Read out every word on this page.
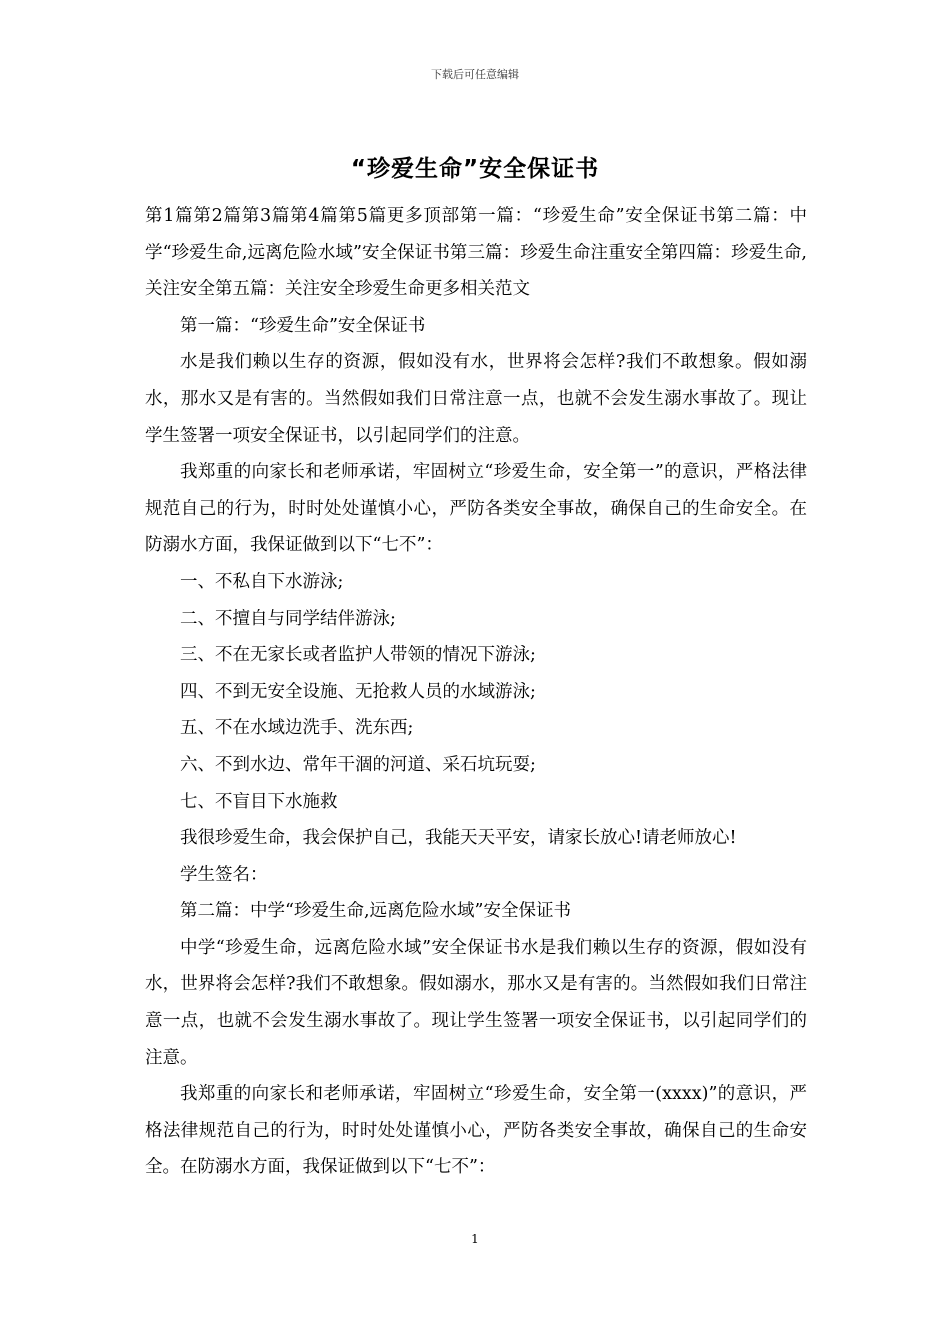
下载后可任意编辑
“珍爱生命”安全保证书

第1篇第2篇第3篇第4篇第5篇更多顶部第一篇：“珍爱生命”安全保证书第二篇：中学“珍爱生命,远离危险水域”安全保证书第三篇：珍爱生命注重安全第四篇：珍爱生命,关注安全第五篇：关注安全珍爱生命更多相关范文

第一篇：“珍爱生命”安全保证书

水是我们赖以生存的资源，假如没有水，世界将会怎样?我们不敢想象。假如溺水，那水又是有害的。当然假如我们日常注意一点，也就不会发生溺水事故了。现让学生签署一项安全保证书，以引起同学们的注意。

我郑重的向家长和老师承诺，牢固树立“珍爱生命，安全第一”的意识，严格法律规范自己的行为，时时处处谨慎小心，严防各类安全事故，确保自己的生命安全。在防溺水方面，我保证做到以下“七不”：

一、不私自下水游泳;

二、不擅自与同学结伴游泳;

三、不在无家长或者监护人带领的情况下游泳;

四、不到无安全设施、无抢救人员的水域游泳;

五、不在水域边洗手、洗东西;

六、不到水边、常年干涸的河道、采石坑玩耍;

七、不盲目下水施救

我很珍爱生命，我会保护自己，我能天天平安，请家长放心!请老师放心!

学生签名：

第二篇：中学“珍爱生命,远离危险水域”安全保证书

中学“珍爱生命，远离危险水域”安全保证书水是我们赖以生存的资源，假如没有水，世界将会怎样?我们不敢想象。假如溺水，那水又是有害的。当然假如我们日常注意一点，也就不会发生溺水事故了。现让学生签署一项安全保证书，以引起同学们的注意。

我郑重的向家长和老师承诺，牢固树立“珍爱生命，安全第一(xxxx)”的意识，严格法律规范自己的行为，时时处处谨慎小心，严防各类安全事故，确保自己的生命安全。在防溺水方面，我保证做到以下“七不”：

1
